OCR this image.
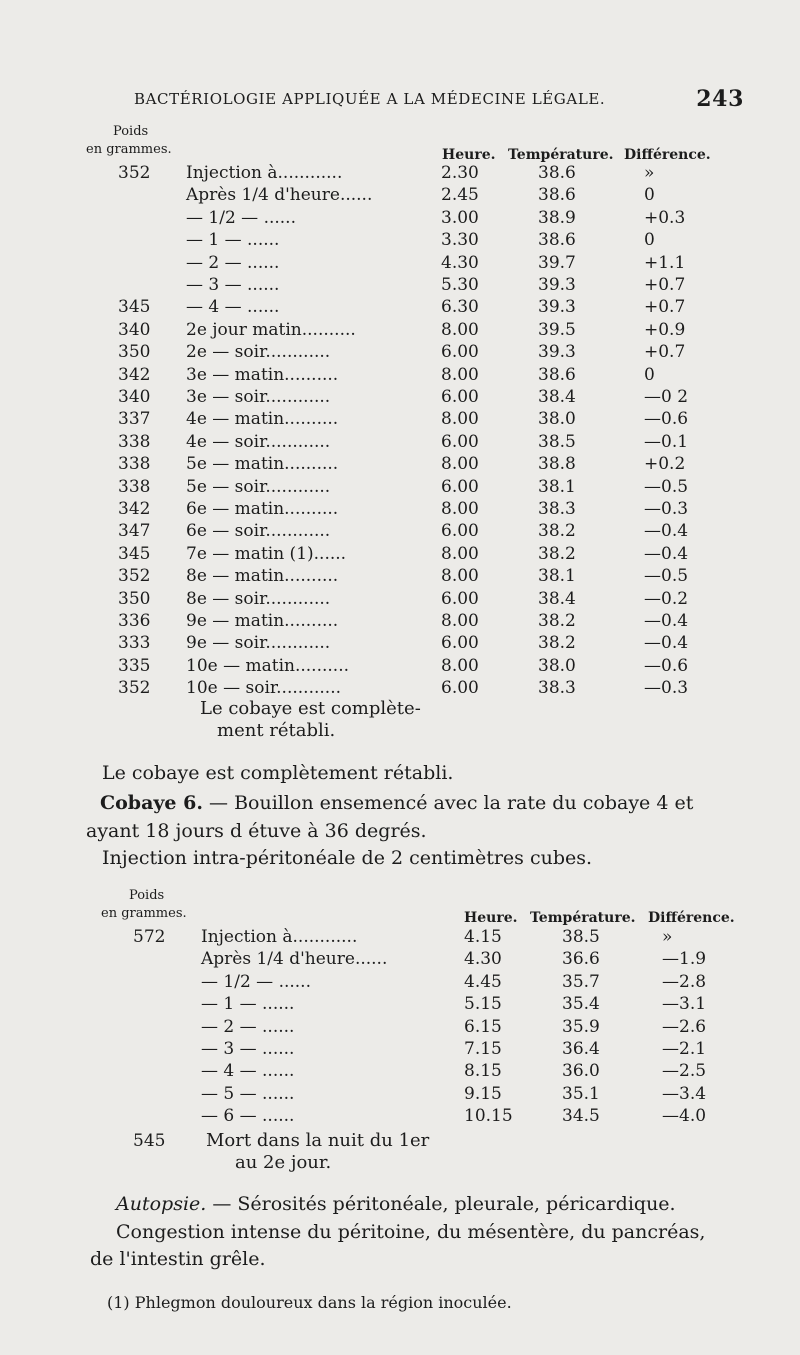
BACTÉRIOLOGIE APPLIQUÉE A LA MÉDECINE LÉGALE.	243
Poids
en grammes.	Heure. Température. Différence.
352 Injection à............	2.30	38.6	»
Après 1/4 d'heure......	2.45	38.6	0
— 1/2 — ......	3.00	38.9	+0.3
— 1 — ......	3.30	38.6	0
— 2 — ......	4.30	39.7	+1.1
— 3 — ......	5.30	39.3	+0.7
345 — 4 — ......	6.30	39.3	+0.7
340 2e jour matin..........	8.00	39.5	+0.9
350 2e — soir............	6.00	39.3	+0.7
342 3e — matin..........	8.00	38.6	0
340 3e — soir............	6.00	38.4	—0 2
337 4e — matin..........	8.00	38.0	—0.6
338 4e — soir............	6.00	38.5	—0.1
338 5e — matin..........	8.00	38.8	+0.2
338 5e — soir............	6.00	38.1	—0.5
342 6e — matin..........	8.00	38.3	—0.3
347 6e — soir............	6.00	38.2	—0.4
345 7e — matin (1)......	8.00	38.2	—0.4
352 8e — matin..........	8.00	38.1	—0.5
350 8e — soir............	6.00	38.4	—0.2
336 9e — matin..........	8.00	38.2	—0.4
333 9e — soir............	6.00	38.2	—0.4
335 10e — matin..........	8.00	38.0	—0.6
352 10e — soir............	6.00	38.3	—0.3
Le cobaye est complète-
ment rétabli.
Le cobaye est complètement rétabli.
Cobaye 6. — Bouillon ensemencé avec la rate du cobaye 4 et
ayant 18 jours d étuve à 36 degrés.
Injection intra-péritonéale de 2 centimètres cubes.
Poids
en grammes.	Heure. Température. Différence.
572 Injection à............	4.15	38.5	»
Après 1/4 d'heure......	4.30	36.6	—1.9
— 1/2 — ......	4.45	35.7	—2.8
— 1 — ......	5.15	35.4	—3.1
— 2 — ......	6.15	35.9	—2.6
— 3 — ......	7.15	36.4	—2.1
— 4 — ......	8.15	36.0	—2.5
— 5 — ......	9.15	35.1	—3.4
— 6 — ......	10.15	34.5	—4.0
545 Mort dans la nuit du 1er
au 2e jour.
Autopsie. — Sérosités péritonéale, pleurale, péricardique.
Congestion intense du péritoine, du mésentère, du pancréas,
de l'intestin grêle.
(1) Phlegmon douloureux dans la région inoculée.
